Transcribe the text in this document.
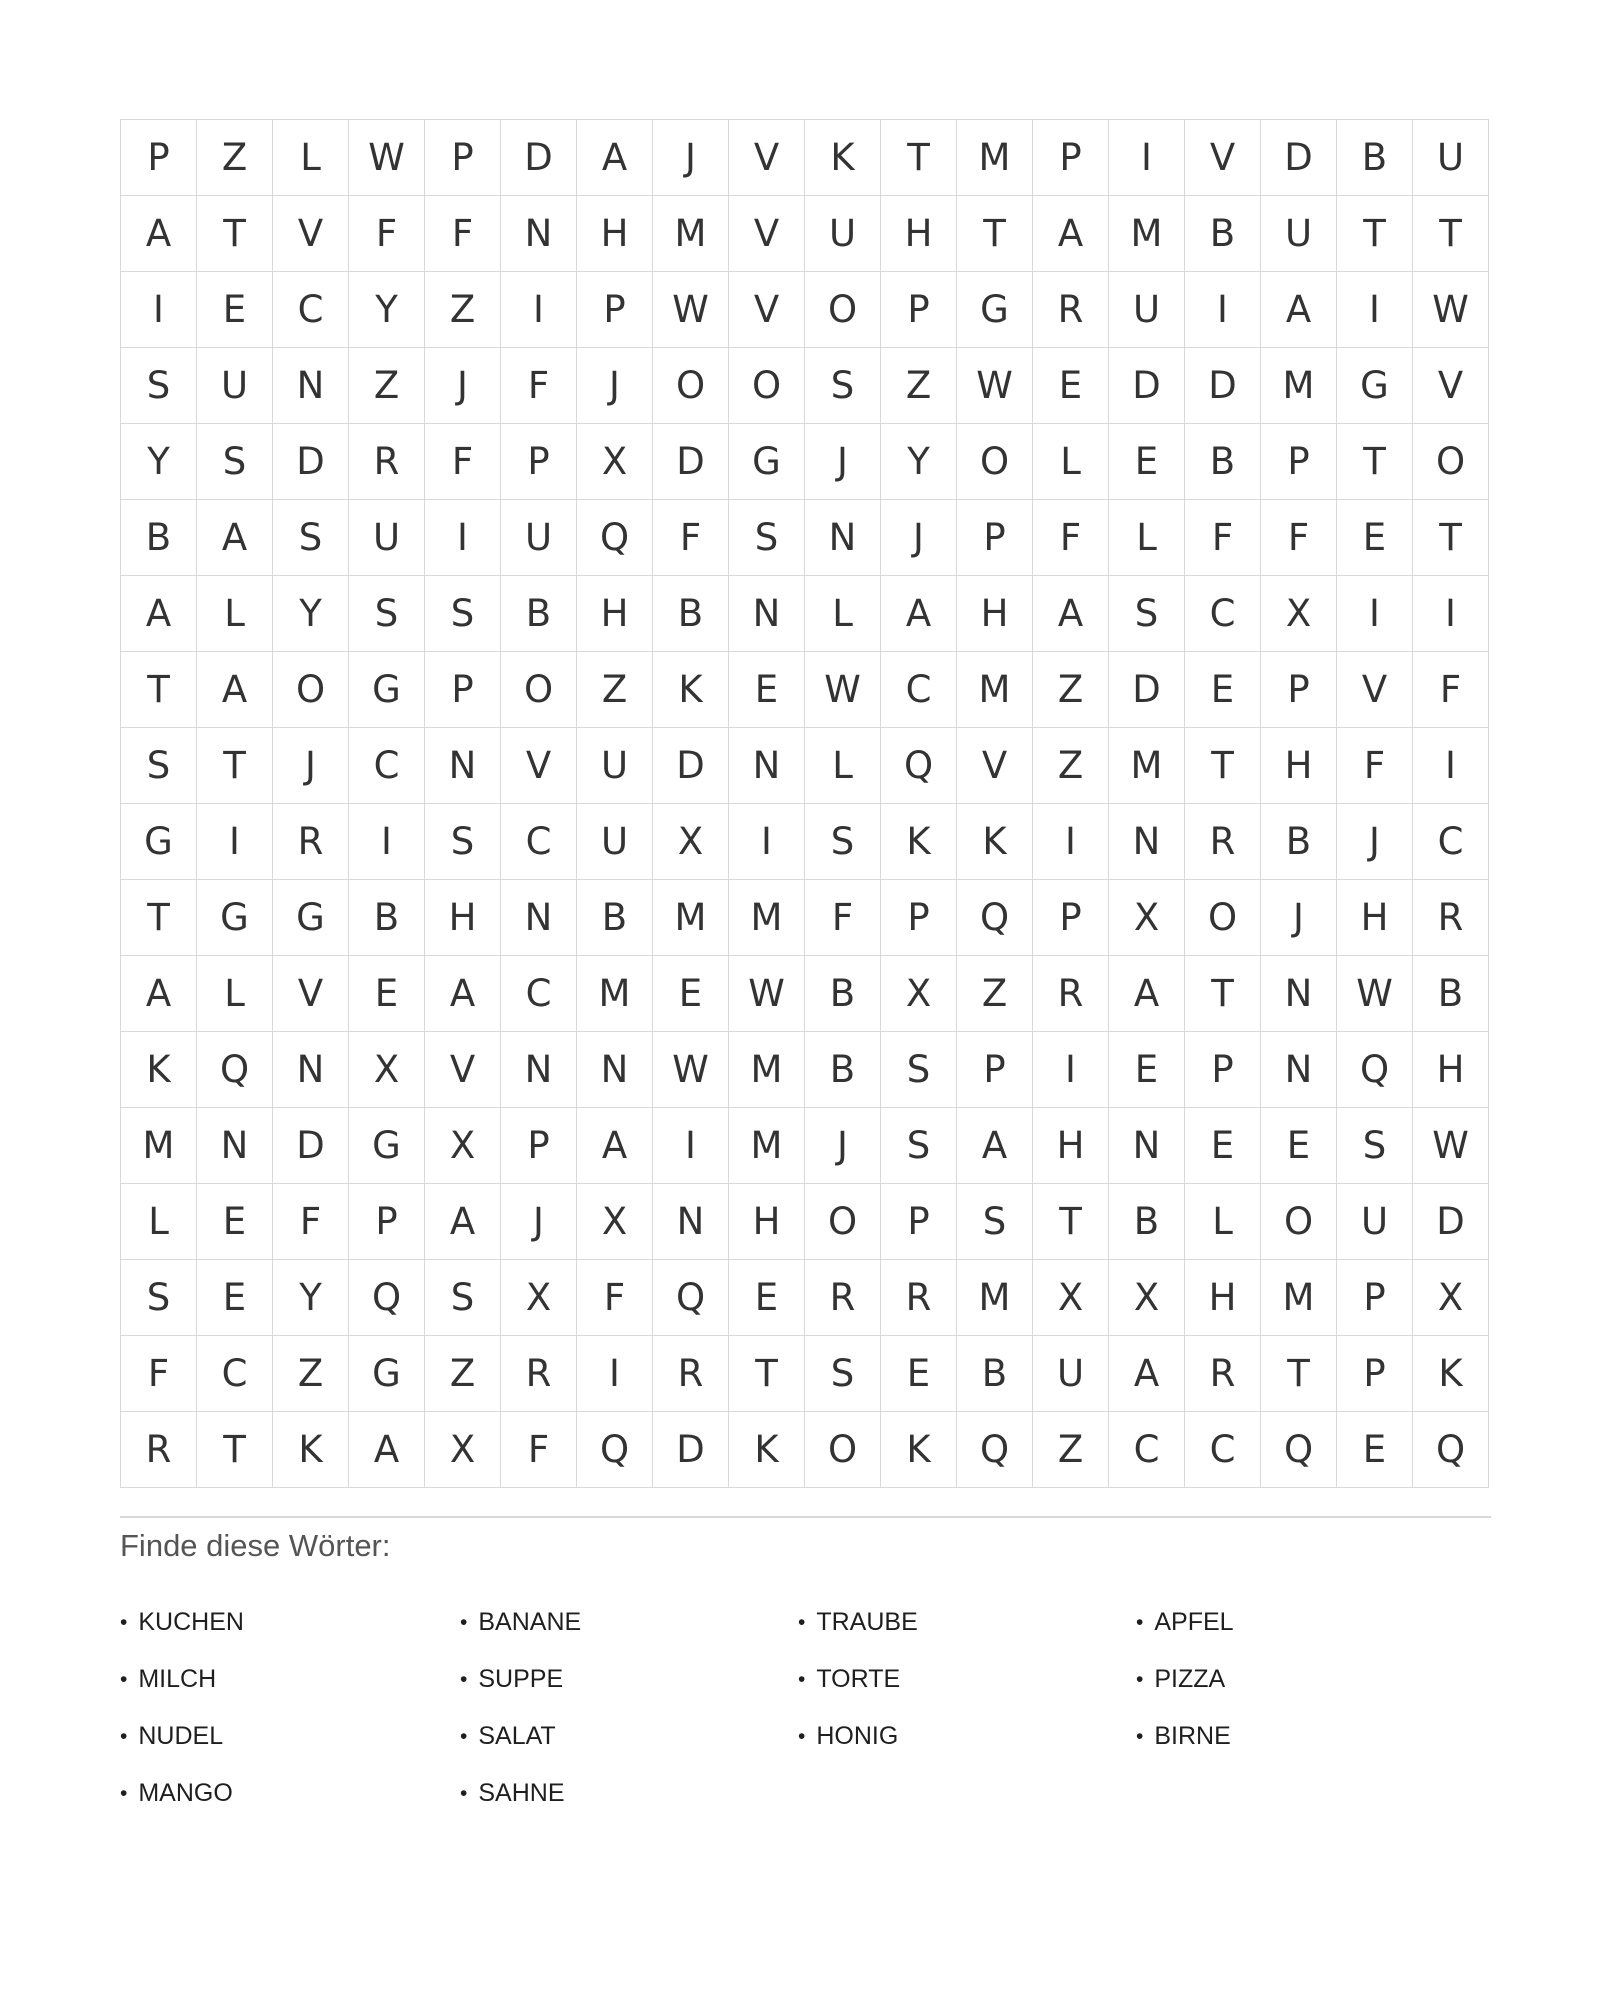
P	Z	L	W	P	D	A	J	V	K	T	M	P	I	V	D	B	U
A	T	V	F	F	N	H	M	V	U	H	T	A	M	B	U	T	T
I	E	C	Y	Z	I	P	W	V	O	P	G	R	U	I	A	I	W
S	U	N	Z	J	F	J	O	O	S	Z	W	E	D	D	M	G	V
Y	S	D	R	F	P	X	D	G	J	Y	O	L	E	B	P	T	O
B	A	S	U	I	U	Q	F	S	N	J	P	F	L	F	F	E	T
A	L	Y	S	S	B	H	B	N	L	A	H	A	S	C	X	I	I
T	A	O	G	P	O	Z	K	E	W	C	M	Z	D	E	P	V	F
S	T	J	C	N	V	U	D	N	L	Q	V	Z	M	T	H	F	I
G	I	R	I	S	C	U	X	I	S	K	K	I	N	R	B	J	C
T	G	G	B	H	N	B	M	M	F	P	Q	P	X	O	J	H	R
A	L	V	E	A	C	M	E	W	B	X	Z	R	A	T	N	W	B
K	Q	N	X	V	N	N	W	M	B	S	P	I	E	P	N	Q	H
M	N	D	G	X	P	A	I	M	J	S	A	H	N	E	E	S	W
L	E	F	P	A	J	X	N	H	O	P	S	T	B	L	O	U	D
S	E	Y	Q	S	X	F	Q	E	R	R	M	X	X	H	M	P	X
F	C	Z	G	Z	R	I	R	T	S	E	B	U	A	R	T	P	K
R	T	K	A	X	F	Q	D	K	O	K	Q	Z	C	C	Q	E	Q
Finde diese Wörter:
• KUCHEN
• MILCH
• NUDEL
• MANGO
• BANANE
• SUPPE
• SALAT
• SAHNE
• TRAUBE
• TORTE
• HONIG
• APFEL
• PIZZA
• BIRNE
